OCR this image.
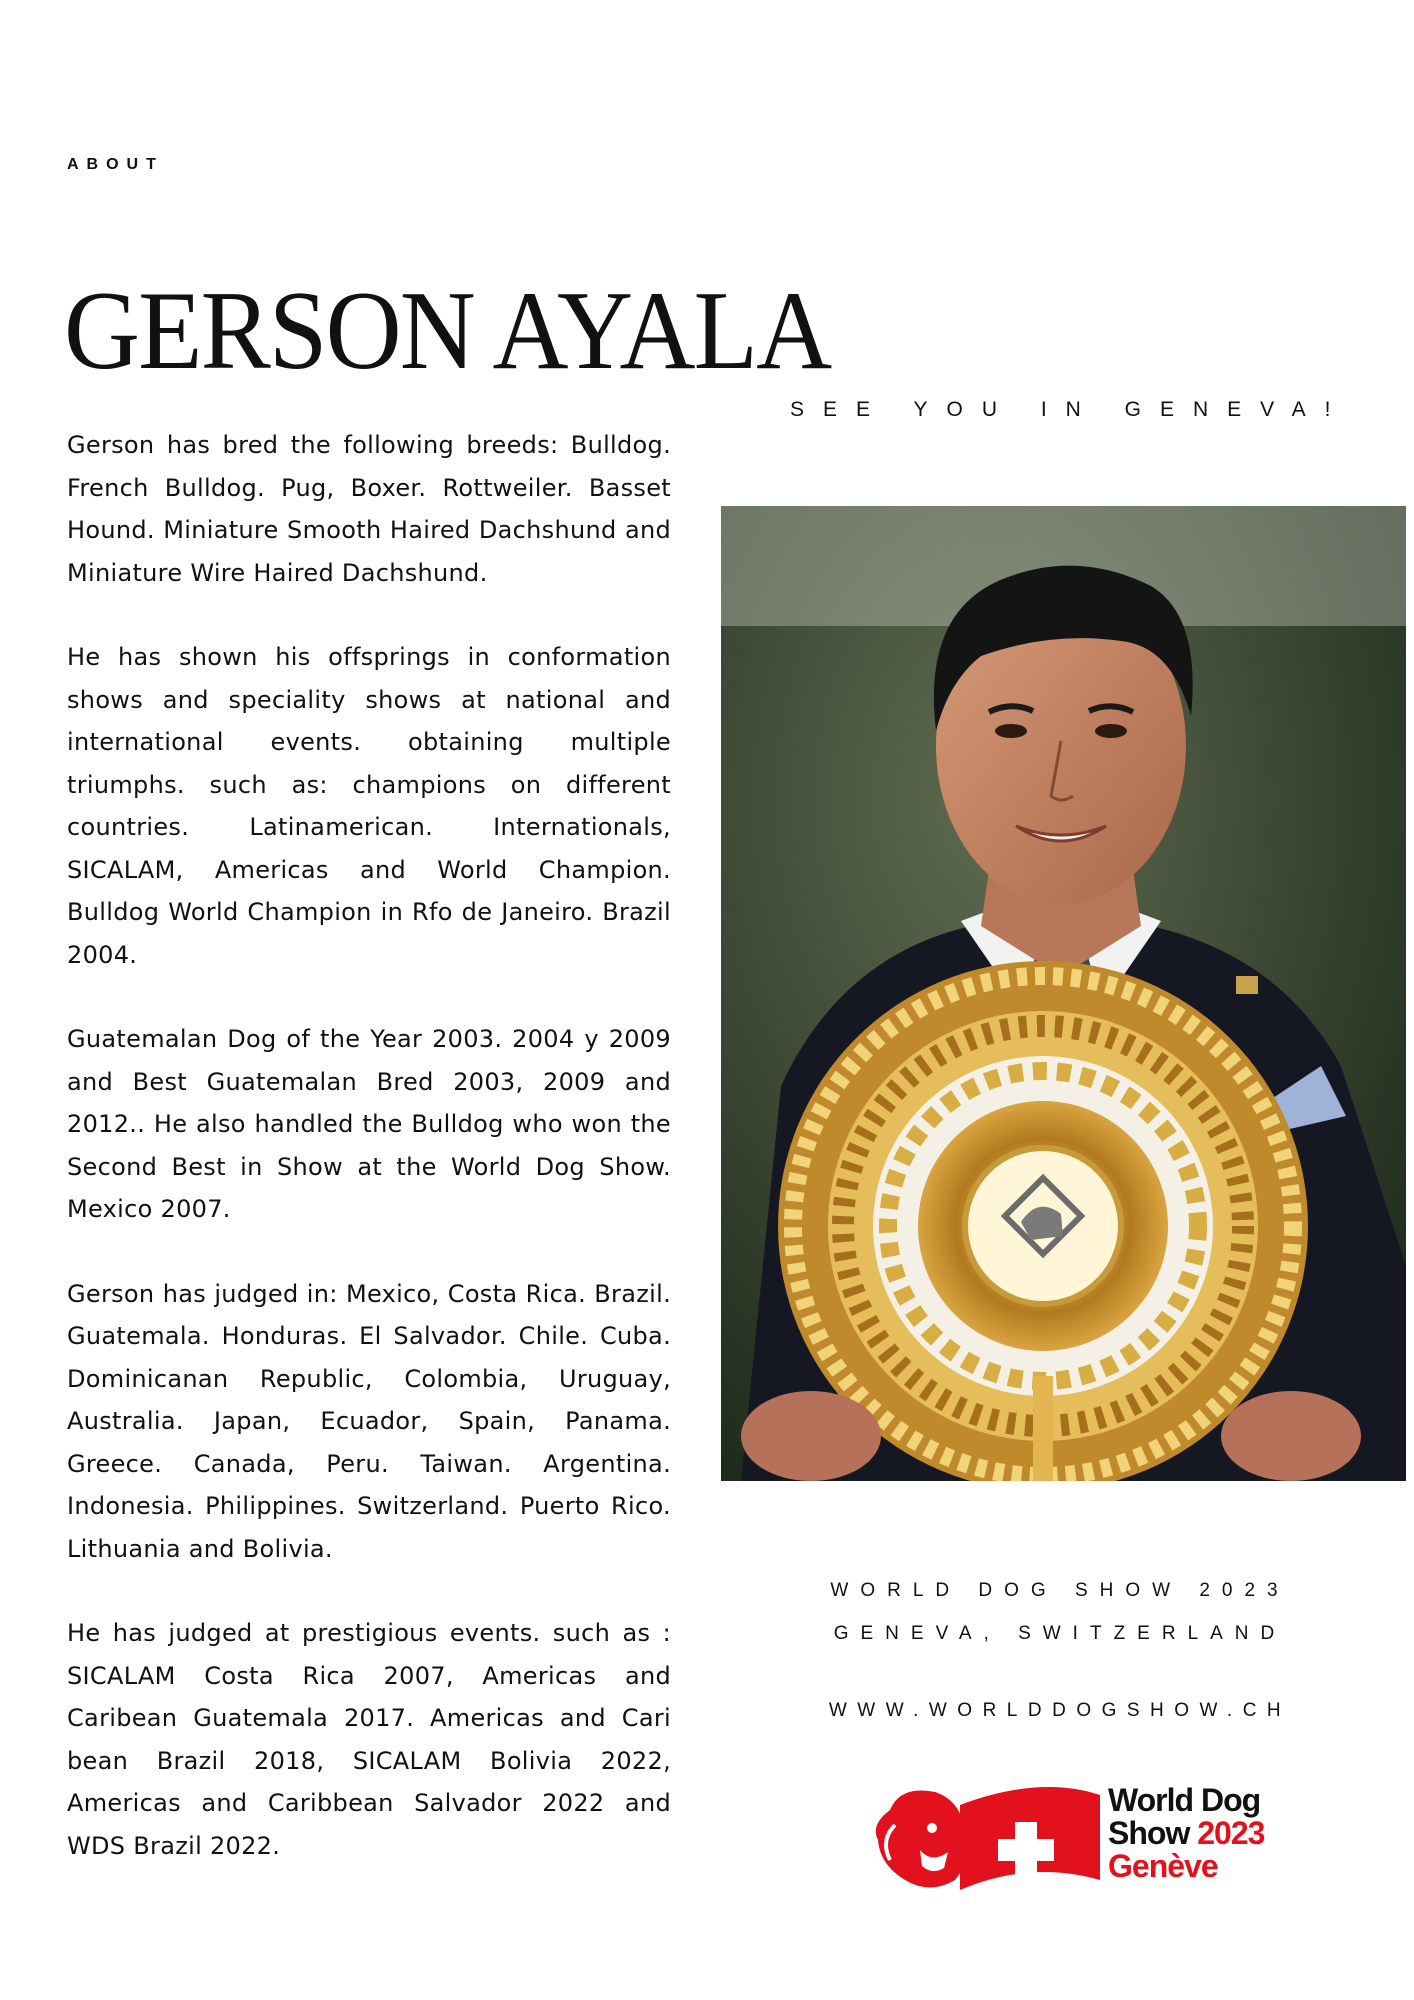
ABOUT
GERSON AYALA

Gerson has bred the following breeds: Bulldog. French Bulldog. Pug, Boxer. Rottweiler. Basset Hound. Miniature Smooth Haired Dachshund and Miniature Wire Haired Dachshund.

He has shown his offsprings in conformation shows and speciality shows at national and international events. obtaining multiple triumphs. such as: champions on different countries. Latinamerican. Internationals, SICALAM, Americas and World Champion. Bulldog World Champion in Rfo de Janeiro. Brazil 2004.

Guatemalan Dog of the Year 2003. 2004 y 2009 and Best Guatemalan Bred 2003, 2009 and 2012.. He also handled the Bulldog who won the Second Best in Show at the World Dog Show. Mexico 2007.

Gerson has judged in: Mexico, Costa Rica. Brazil. Guatemala. Honduras. El Salvador. Chile. Cuba. Dominicanan Republic, Colombia, Uruguay, Australia. Japan, Ecuador, Spain, Panama. Greece. Canada, Peru. Taiwan. Argentina. Indonesia. Philippines. Switzerland. Puerto Rico. Lithuania and Bolivia.

He has judged at prestigious events. such as : SICALAM Costa Rica 2007, Americas and Caribean Guatemala 2017. Americas and Cari bean Brazil 2018, SICALAM Bolivia 2022, Americas and Caribbean Salvador 2022 and WDS Brazil 2022.

SEE YOU IN GENEVA!
WORLD DOG SHOW 2023
GENEVA, SWITZERLAND
WWW.WORLDDOGSHOW.CH
World Dog
Show 2023
Genève
